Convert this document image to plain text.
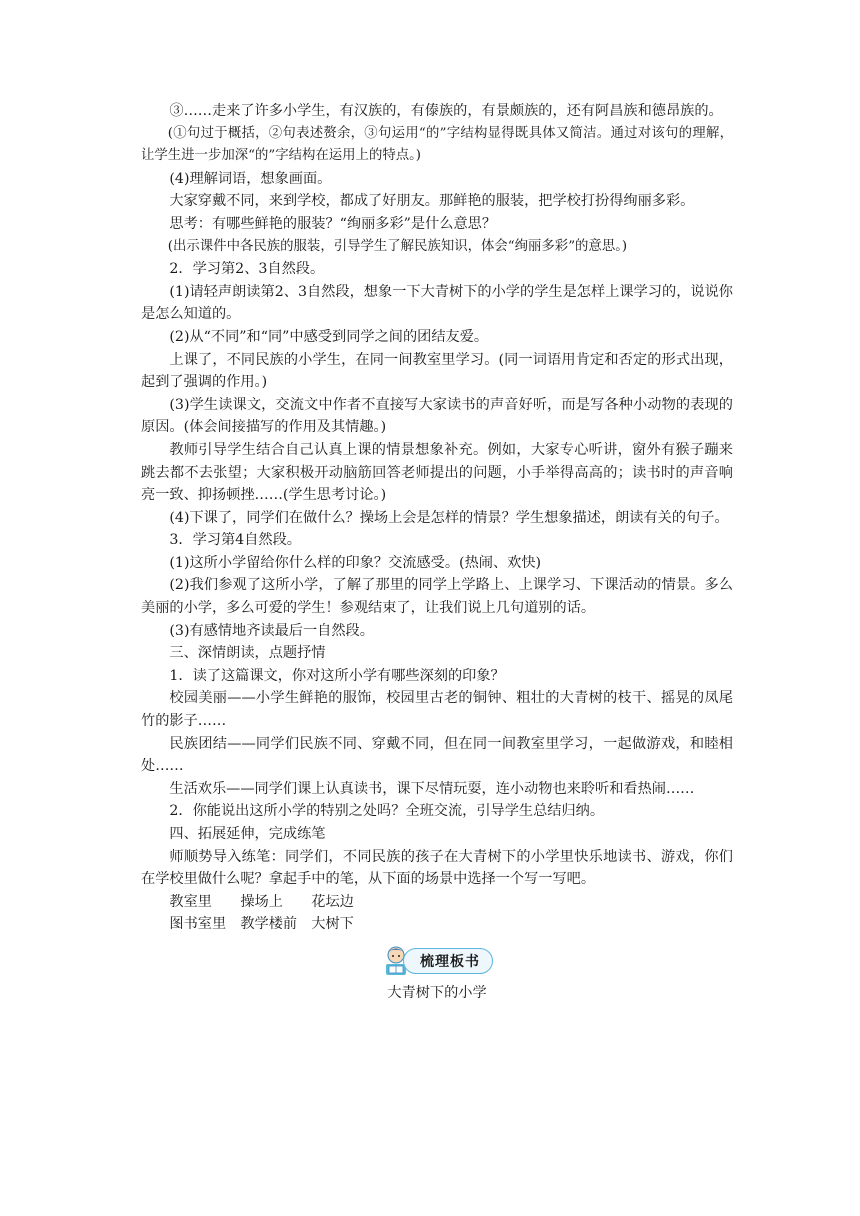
③……走来了许多小学生，有汉族的，有傣族的，有景颇族的，还有阿昌族和德昂族的。

(①句过于概括，②句表述赘余，③句运用“的”字结构显得既具体又简洁。通过对该句的理解，让学生进一步加深“的”字结构在运用上的特点。)

(4)理解词语，想象画面。

大家穿戴不同，来到学校，都成了好朋友。那鲜艳的服装，把学校打扮得绚丽多彩。

思考：有哪些鲜艳的服装？“绚丽多彩”是什么意思？

(出示课件中各民族的服装，引导学生了解民族知识，体会“绚丽多彩”的意思。)

2．学习第2、3自然段。

(1)请轻声朗读第2、3自然段，想象一下大青树下的小学的学生是怎样上课学习的，说说你是怎么知道的。

(2)从“不同”和“同”中感受到同学之间的团结友爱。

上课了，不同民族的小学生，在同一间教室里学习。(同一词语用肯定和否定的形式出现，起到了强调的作用。)

(3)学生读课文，交流文中作者不直接写大家读书的声音好听，而是写各种小动物的表现的原因。(体会间接描写的作用及其情趣。)

教师引导学生结合自己认真上课的情景想象补充。例如，大家专心听讲，窗外有猴子蹦来跳去都不去张望；大家积极开动脑筋回答老师提出的问题，小手举得高高的；读书时的声音响亮一致、抑扬顿挫……(学生思考讨论。)

(4)下课了，同学们在做什么？操场上会是怎样的情景？学生想象描述，朗读有关的句子。

3．学习第4自然段。

(1)这所小学留给你什么样的印象？交流感受。(热闹、欢快)

(2)我们参观了这所小学，了解了那里的同学上学路上、上课学习、下课活动的情景。多么美丽的小学，多么可爱的学生！参观结束了，让我们说上几句道别的话。

(3)有感情地齐读最后一自然段。

三、深情朗读，点题抒情

1．读了这篇课文，你对这所小学有哪些深刻的印象？

校园美丽——小学生鲜艳的服饰，校园里古老的铜钟、粗壮的大青树的枝干、摇晃的凤尾竹的影子……

民族团结——同学们民族不同、穿戴不同，但在同一间教室里学习，一起做游戏，和睦相处……

生活欢乐——同学们课上认真读书，课下尽情玩耍，连小动物也来聆听和看热闹……

2．你能说出这所小学的特别之处吗？全班交流，引导学生总结归纳。

四、拓展延伸，完成练笔

师顺势导入练笔：同学们，不同民族的孩子在大青树下的小学里快乐地读书、游戏，你们在学校里做什么呢？拿起手中的笔，从下面的场景中选择一个写一写吧。

教室里　　操场上　　花坛边

图书室里　教学楼前　大树下

梳理板书
大青树下的小学
